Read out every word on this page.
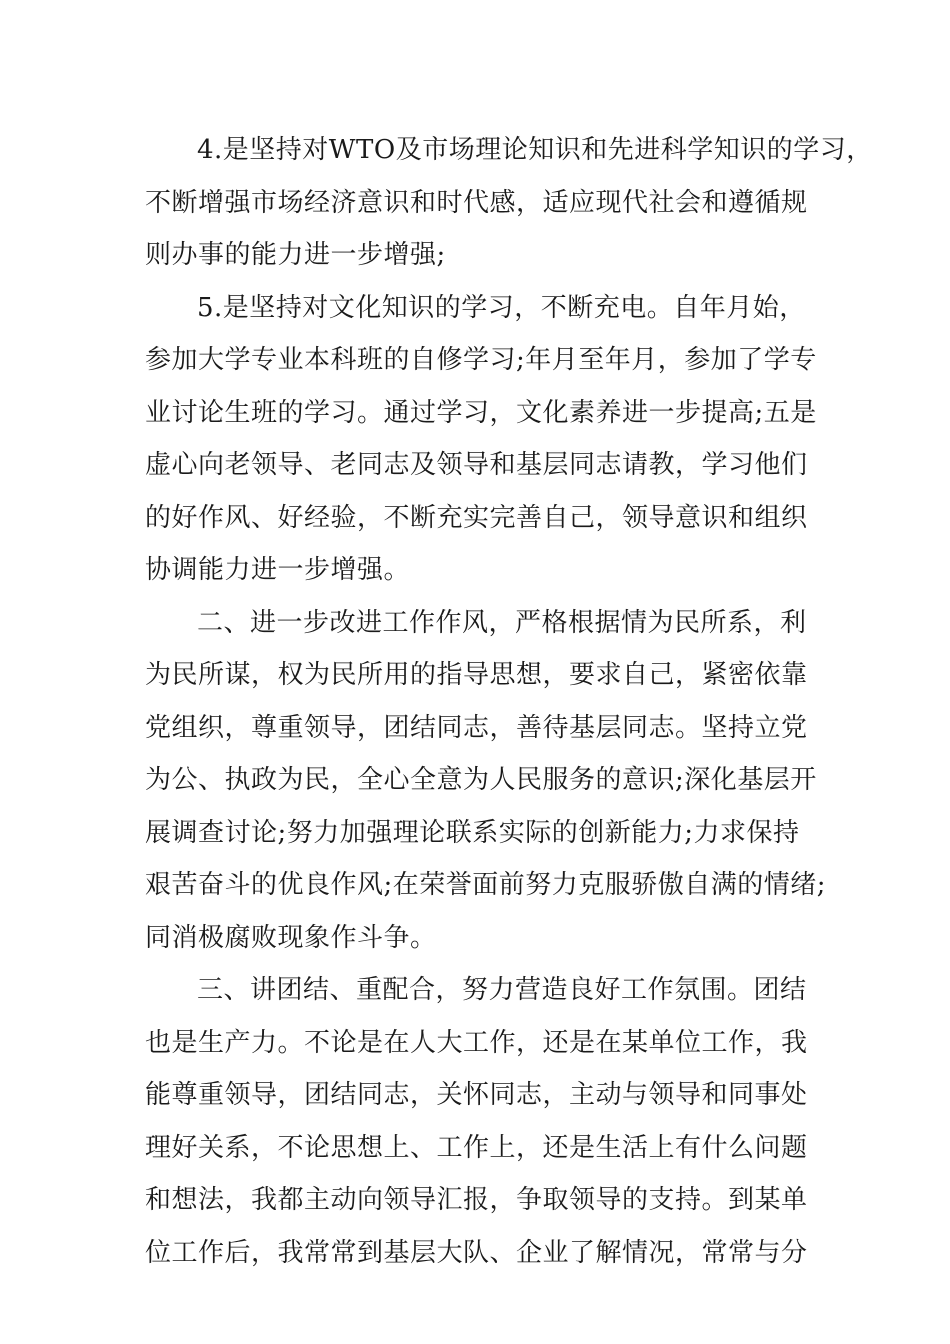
4.是坚持对WTO及市场理论知识和先进科学知识的学习，
不断增强市场经济意识和时代感，适应现代社会和遵循规
则办事的能力进一步增强;
5.是坚持对文化知识的学习，不断充电。自年月始，
参加大学专业本科班的自修学习;年月至年月，参加了学专
业讨论生班的学习。通过学习，文化素养进一步提高;五是
虚心向老领导、老同志及领导和基层同志请教，学习他们
的好作风、好经验，不断充实完善自己，领导意识和组织
协调能力进一步增强。
二、进一步改进工作作风，严格根据情为民所系，利
为民所谋，权为民所用的指导思想，要求自己，紧密依靠
党组织，尊重领导，团结同志，善待基层同志。坚持立党
为公、执政为民，全心全意为人民服务的意识;深化基层开
展调查讨论;努力加强理论联系实际的创新能力;力求保持
艰苦奋斗的优良作风;在荣誉面前努力克服骄傲自满的情绪;
同消极腐败现象作斗争。
三、讲团结、重配合，努力营造良好工作氛围。团结
也是生产力。不论是在人大工作，还是在某单位工作，我
能尊重领导，团结同志，关怀同志，主动与领导和同事处
理好关系，不论思想上、工作上，还是生活上有什么问题
和想法，我都主动向领导汇报，争取领导的支持。到某单
位工作后，我常常到基层大队、企业了解情况，常常与分
